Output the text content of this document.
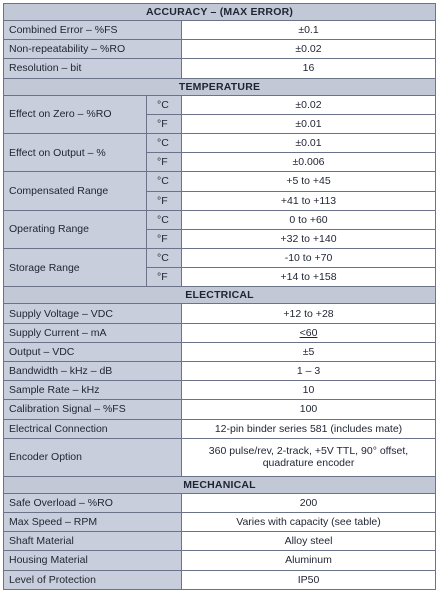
ACCURACY – (MAX ERROR)		
Combined Error – %FS		±0.1
Non-repeatability – %RO		±0.02
Resolution – bit		16
TEMPERATURE		
Effect on Zero – %RO	°C	±0.02
	°F	±0.01
Effect on Output – %	°C	±0.01
	°F	±0.006
Compensated Range	°C	+5 to +45
	°F	+41 to +113
Operating Range	°C	0 to +60
	°F	+32 to +140
Storage Range	°C	-10 to +70
	°F	+14 to +158
ELECTRICAL		
Supply Voltage – VDC		+12 to +28
Supply Current – mA		<60
Output – VDC		±5
Bandwidth – kHz – dB		1 – 3
Sample Rate – kHz		10
Calibration Signal – %FS		100
Electrical Connection		12-pin binder series 581 (includes mate)
Encoder Option		360 pulse/rev, 2-track, +5V TTL, 90° offset,
quadrature encoder

MECHANICAL		
Safe Overload – %RO		200
Max Speed – RPM		Varies with capacity (see table)
Shaft Material		Alloy steel
Housing Material		Aluminum
Level of Protection		IP50
